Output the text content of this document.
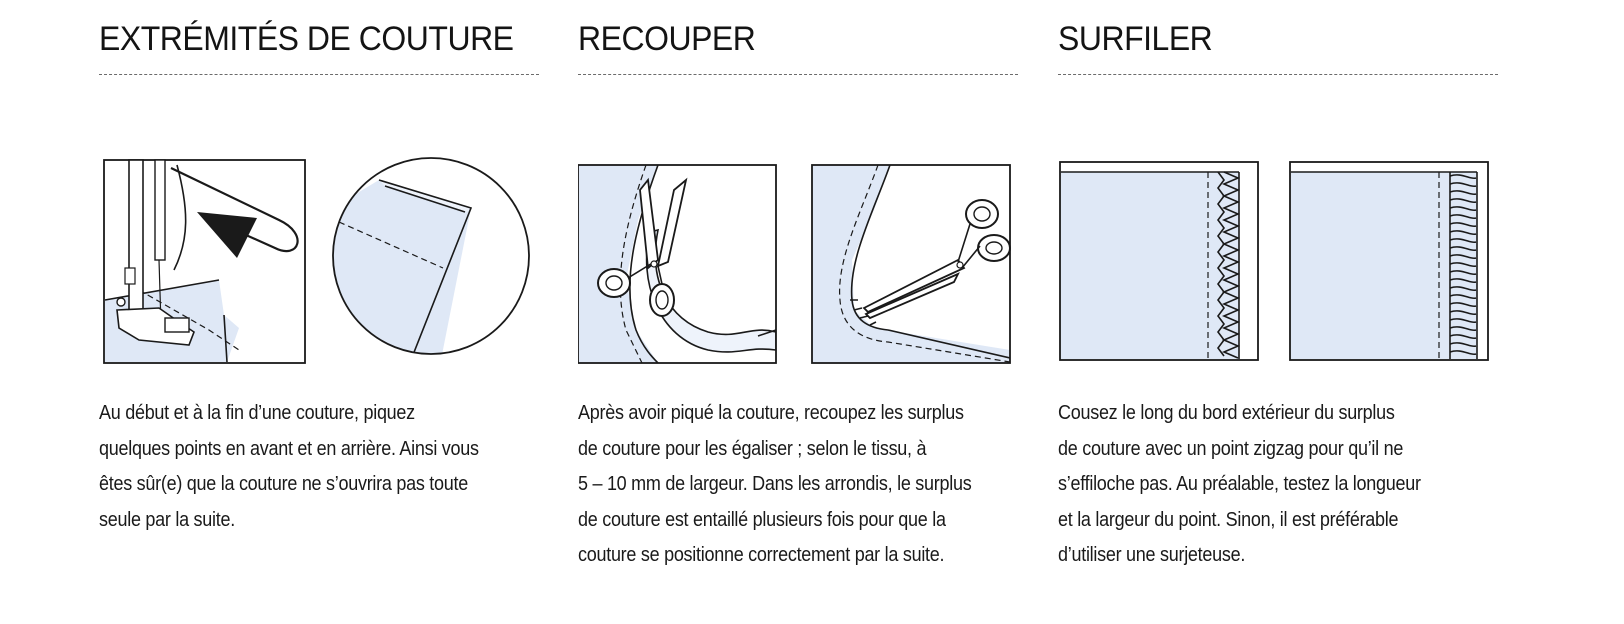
EXTRÉMITÉS DE COUTURE

Au début et à la fin d’une couture, piquez
quelques points en avant et en arrière. Ainsi vous
êtes sûr(e) que la couture ne s’ouvrira pas toute
seule par la suite.

RECOUPER

Après avoir piqué la couture, recoupez les surplus
de couture pour les égaliser ; selon le tissu, à
5 – 10 mm de largeur. Dans les arrondis, le surplus
de couture est entaillé plusieurs fois pour que la
couture se positionne correctement par la suite.

SURFILER

Cousez le long du bord extérieur du surplus
de couture avec un point zigzag pour qu’il ne
s’effiloche pas. Au préalable, testez la longueur
et la largeur du point. Sinon, il est préférable
d’utiliser une surjeteuse.
